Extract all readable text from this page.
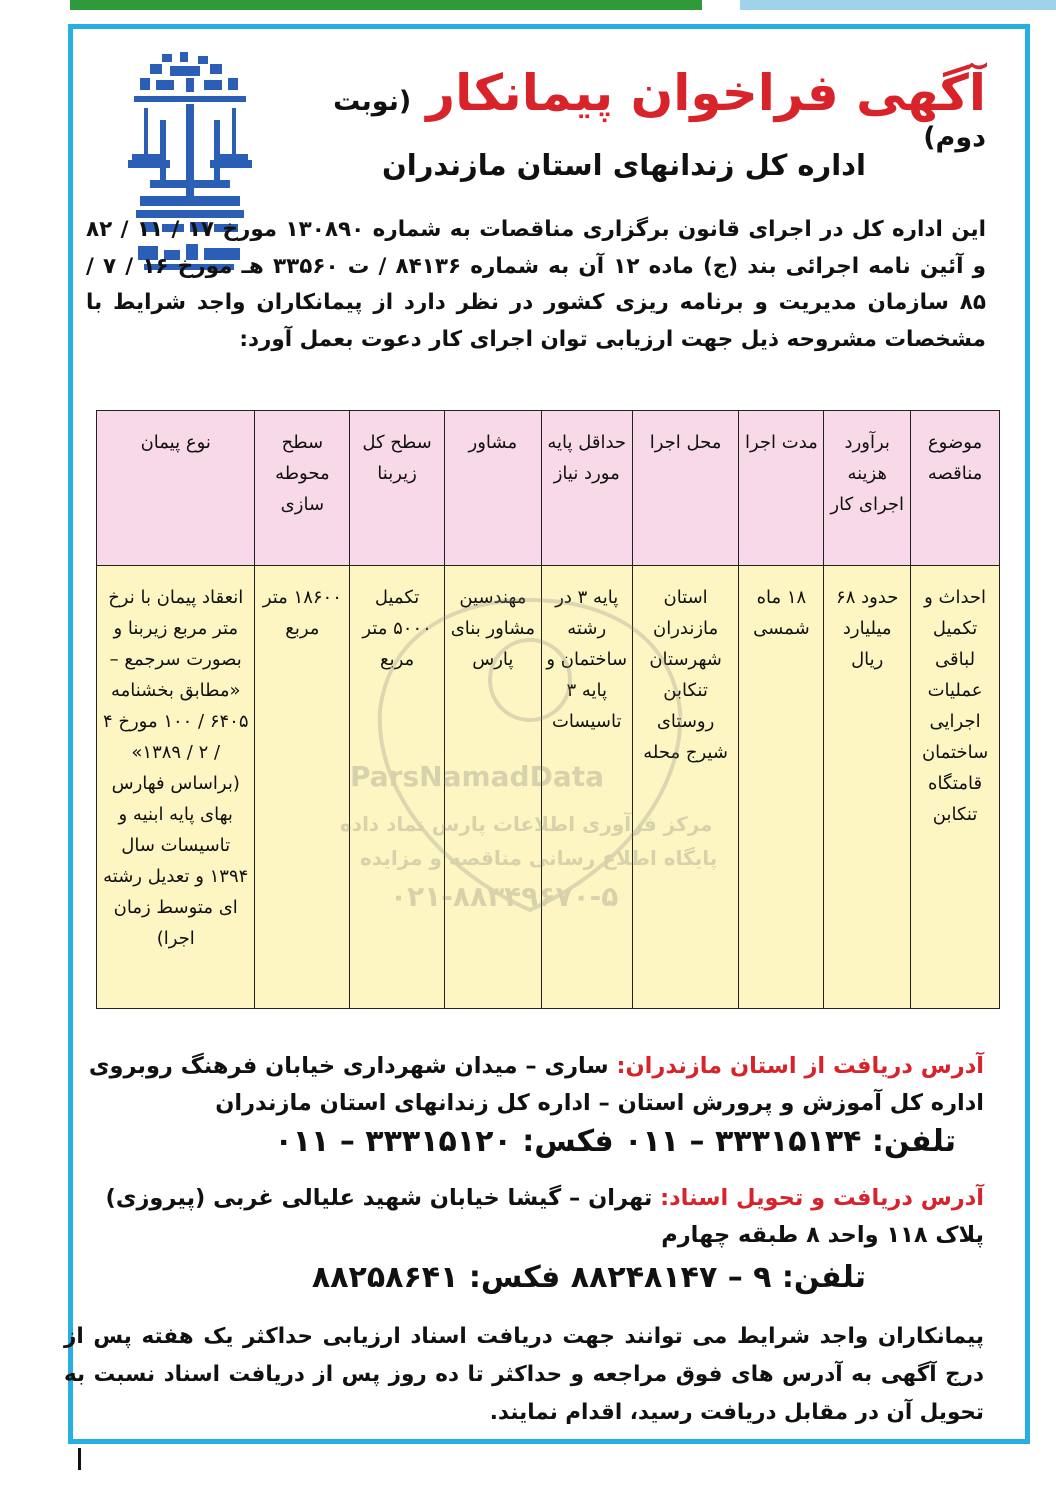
آگهی فراخوان پیمانکار (نوبت دوم)
اداره کل زندانهای استان مازندران
این اداره کل در اجرای قانون برگزاری مناقصات به شماره ۱۳۰۸۹۰ مورخ ۱۷ / ۱۱ / ۸۲ و آئین نامه اجرائی بند (ج) ماده ۱۲ آن به شماره ۸۴۱۳۶ / ت ۳۳۵۶۰ هـ مورخ ۱۶ / ۷ / ۸۵ سازمان مدیریت و برنامه ریزی کشور در نظر دارد از پیمانکاران واجد شرایط با مشخصات مشروحه ذیل جهت ارزیابی توان اجرای کار دعوت بعمل آورد:
موضوع مناقصه	برآورد هزینه اجرای کار	مدت اجرا	محل اجرا	حداقل پایه مورد نیاز	مشاور	سطح کل زیربنا	سطح محوطه سازی	نوع پیمان
احداث و تکمیل لباقی عملیات اجرایی ساختمان قامتگاه تنکابن	حدود ۶۸ میلیارد ریال	۱۸ ماه شمسی	استان مازندران شهرستان تنکابن روستای شیرج محله	پایه ۳ در رشته ساختمان و پایه ۳ تاسیسات	مهندسین مشاور بنای پارس	تکمیل ۵۰۰۰ متر مربع	۱۸۶۰۰ متر مربع	انعقاد پیمان با نرخ متر مربع زیربنا و بصورت سرجمع – «مطابق بخشنامه ۶۴۰۵ / ۱۰۰ مورخ ۴ / ۲ / ۱۳۸۹» (براساس فهارس بهای پایه ابنیه و تاسیسات سال ۱۳۹۴ و تعدیل رشته ای متوسط زمان اجرا)
ParsNamadData
مرکز فرآوری اطلاعات پارس نماد داده
پایگاه اطلاع رسانی مناقصه و مزایده
۰۲۱-۸۸۳۴۹۶۷۰-۵
آدرس دریافت از استان مازندران: ساری – میدان شهرداری خیابان فرهنگ روبروی اداره کل آموزش و پرورش استان – اداره کل زندانهای استان مازندران
تلفن: ۳۳۳۱۵۱۳۴ – ۰۱۱ فکس: ۳۳۳۱۵۱۲۰ – ۰۱۱
آدرس دریافت و تحویل اسناد: تهران – گیشا خیابان شهید علیالی غربی (پیروزی) پلاک ۱۱۸ واحد ۸ طبقه چهارم
تلفن: ۹ – ۸۸۲۴۸۱۴۷ فکس: ۸۸۲۵۸۶۴۱
پیمانکاران واجد شرایط می توانند جهت دریافت اسناد ارزیابی حداکثر یک هفته پس از درج آگهی به آدرس های فوق مراجعه و حداکثر تا ده روز پس از دریافت اسناد نسبت به تحویل آن در مقابل دریافت رسید، اقدام نمایند.
